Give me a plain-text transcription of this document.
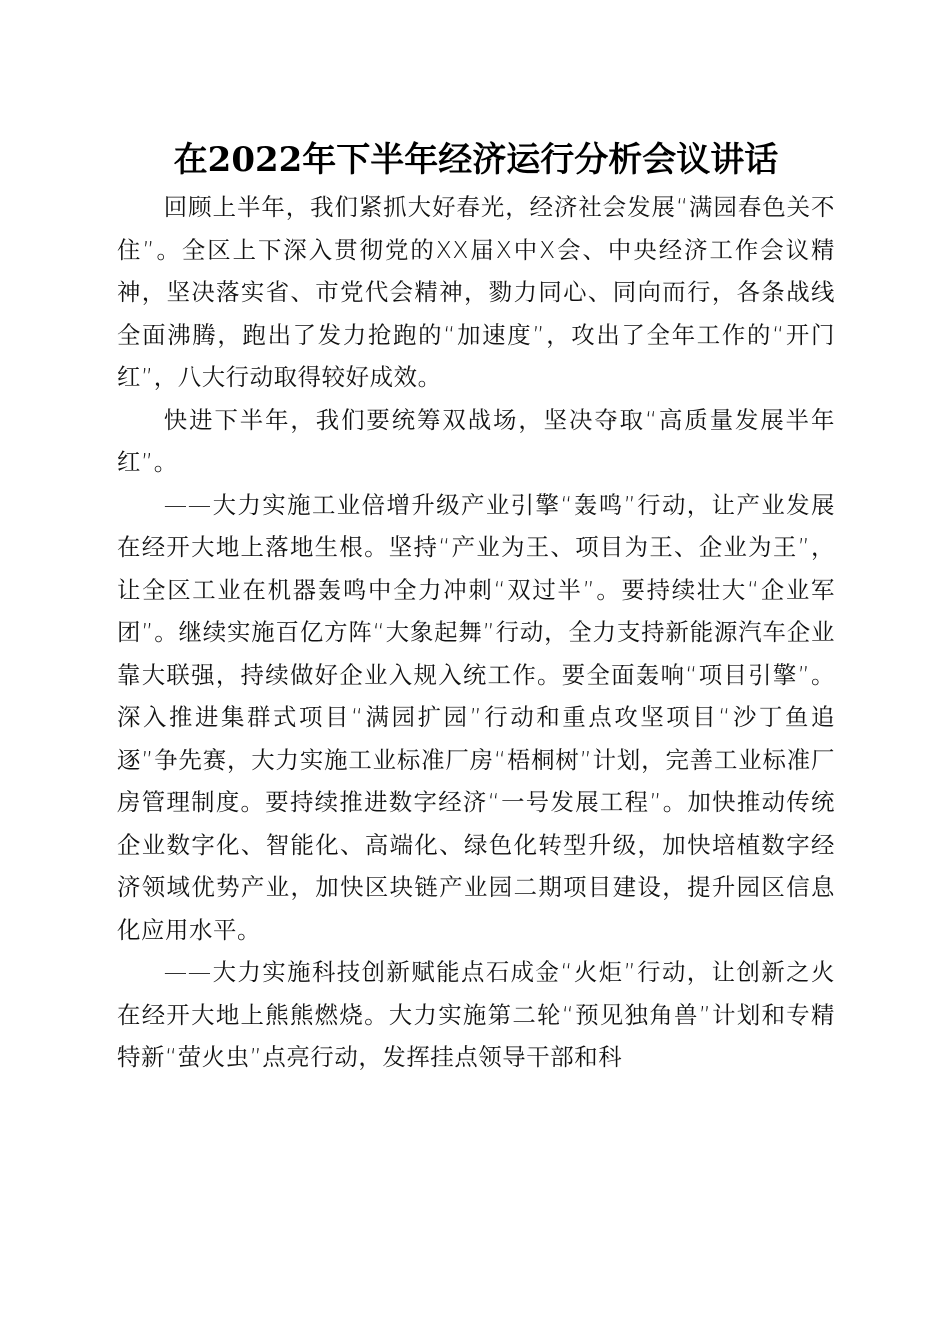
在2022年下半年经济运行分析会议讲话

回顾上半年，我们紧抓大好春光，经济社会发展“满园春色关不住”。全区上下深入贯彻党的XX届X中X会、中央经济工作会议精神，坚决落实省、市党代会精神，勠力同心、同向而行，各条战线全面沸腾，跑出了发力抢跑的“加速度”，攻出了全年工作的“开门红”，八大行动取得较好成效。

快进下半年，我们要统筹双战场，坚决夺取“高质量发展半年红”。

——大力实施工业倍增升级产业引擎“轰鸣”行动，让产业发展在经开大地上落地生根。坚持“产业为王、项目为王、企业为王”，让全区工业在机器轰鸣中全力冲刺“双过半”。要持续壮大“企业军团”。继续实施百亿方阵“大象起舞”行动，全力支持新能源汽车企业靠大联强，持续做好企业入规入统工作。要全面轰响“项目引擎”。深入推进集群式项目“满园扩园”行动和重点攻坚项目“沙丁鱼追逐”争先赛，大力实施工业标准厂房“梧桐树”计划，完善工业标准厂房管理制度。要持续推进数字经济“一号发展工程”。加快推动传统企业数字化、智能化、高端化、绿色化转型升级，加快培植数字经济领域优势产业，加快区块链产业园二期项目建设，提升园区信息化应用水平。

——大力实施科技创新赋能点石成金“火炬”行动，让创新之火在经开大地上熊熊燃烧。大力实施第二轮“预见独角兽”计划和专精特新“萤火虫”点亮行动，发挥挂点领导干部和科
